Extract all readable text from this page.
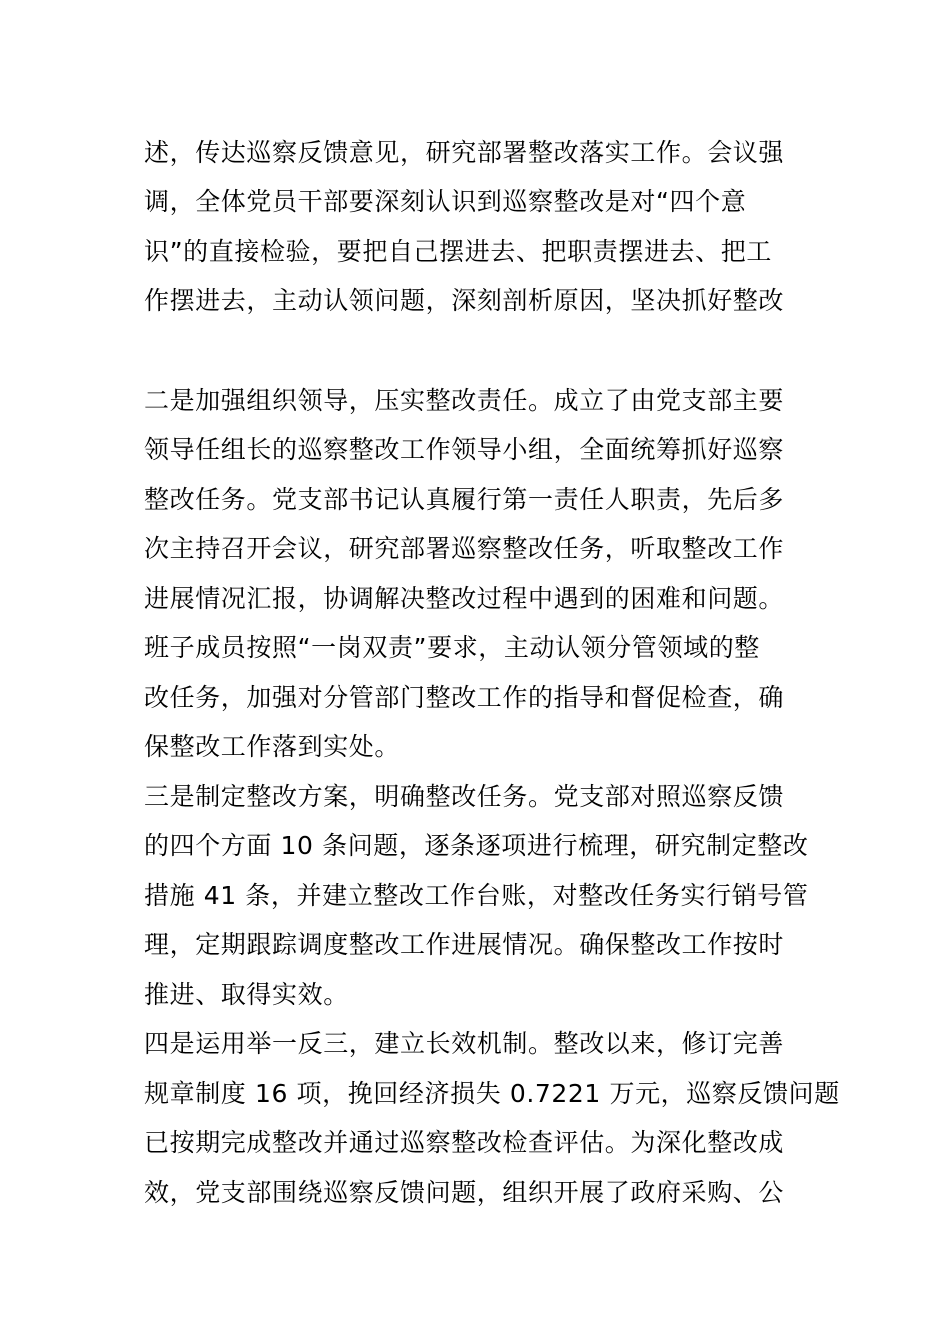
述，传达巡察反馈意见，研究部署整改落实工作。会议强
调，全体党员干部要深刻认识到巡察整改是对“四个意
识”的直接检验，要把自己摆进去、把职责摆进去、把工
作摆进去，主动认领问题，深刻剖析原因，坚决抓好整改
二是加强组织领导，压实整改责任。成立了由党支部主要
领导任组长的巡察整改工作领导小组，全面统筹抓好巡察
整改任务。党支部书记认真履行第一责任人职责，先后多
次主持召开会议，研究部署巡察整改任务，听取整改工作
进展情况汇报，协调解决整改过程中遇到的困难和问题。
班子成员按照“一岗双责”要求，主动认领分管领域的整
改任务，加强对分管部门整改工作的指导和督促检查，确
保整改工作落到实处。
三是制定整改方案，明确整改任务。党支部对照巡察反馈
的四个方面 10 条问题，逐条逐项进行梳理，研究制定整改
措施 41 条，并建立整改工作台账，对整改任务实行销号管
理，定期跟踪调度整改工作进展情况。确保整改工作按时
推进、取得实效。
四是运用举一反三，建立长效机制。整改以来，修订完善
规章制度 16 项，挽回经济损失 0.7221 万元，巡察反馈问题
已按期完成整改并通过巡察整改检查评估。为深化整改成
效，党支部围绕巡察反馈问题，组织开展了政府采购、公
